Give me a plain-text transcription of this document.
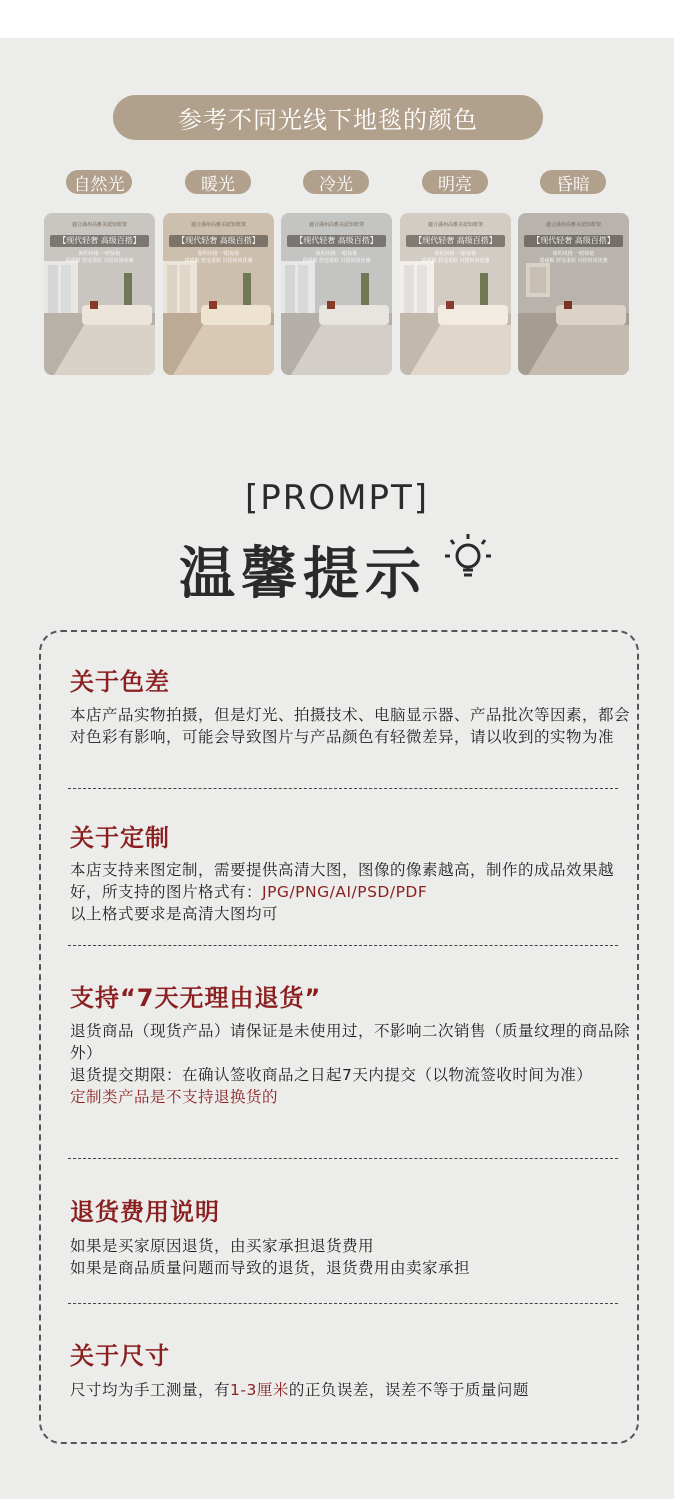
参考不同光线下地毯的颜色
自然光	暖光	冷光	明亮	昏暗
適合滿州高雅美認知框架
【现代轻奢 高级百搭】
简约风格 一眼惊艳
质感极 舒适柔软 百搭时尚优雅
適合滿州高雅美認知框架
【现代轻奢 高级百搭】
简约风格 一眼惊艳
质感极 舒适柔软 百搭时尚优雅
適合滿州高雅美認知框架
【现代轻奢 高级百搭】
简约风格 一眼惊艳
质感极 舒适柔软 百搭时尚优雅
適合滿州高雅美認知框架
【现代轻奢 高级百搭】
简约风格 一眼惊艳
质感极 舒适柔软 百搭时尚优雅
適合滿州高雅美認知框架
【现代轻奢 高级百搭】
简约风格 一眼惊艳
质感极 舒适柔软 百搭时尚优雅
[PROMPT]
温馨提示
关于色差
本店产品实物拍摄，但是灯光、拍摄技术、电脑显示器、产品批次等因素，都会对色彩有影响，可能会导致图片与产品颜色有轻微差异，请以收到的实物为准
关于定制
本店支持来图定制，需要提供高清大图，图像的像素越高，制作的成品效果越好，所支持的图片格式有：JPG/PNG/AI/PSD/PDF
以上格式要求是高清大图均可
支持“7天无理由退货”
退货商品（现货产品）请保证是未使用过，不影响二次销售（质量纹理的商品除外）
退货提交期限：在确认签收商品之日起7天内提交（以物流签收时间为准）
定制类产品是不支持退换货的
退货费用说明
如果是买家原因退货，由买家承担退货费用
如果是商品质量问题而导致的退货，退货费用由卖家承担
关于尺寸
尺寸均为手工测量，有1-3厘米的正负误差，误差不等于质量问题
